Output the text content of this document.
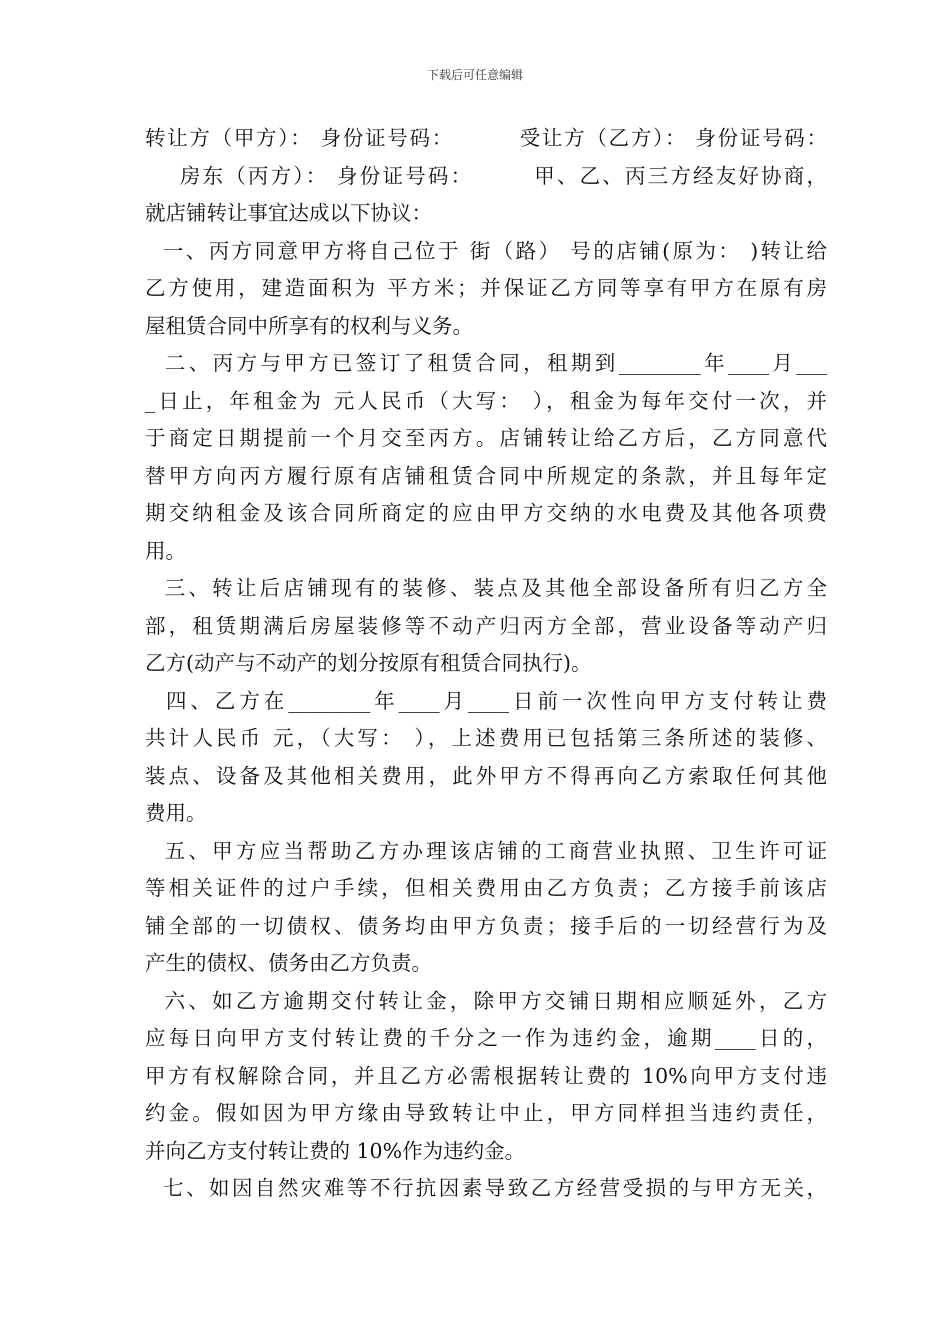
下载后可任意编辑
转让方（甲方）： 身份证号码：        受让方（乙方）： 身份证号码：
房东（丙方）： 身份证号码：       甲、乙、丙三方经友好协商，
就店铺转让事宜达成以下协议：
一、丙方同意甲方将自己位于 街（路） 号的店铺(原为： )转让给
乙方使用，建造面积为 平方米；并保证乙方同等享有甲方在原有房
屋租赁合同中所享有的权利与义务。
二、丙方与甲方已签订了租赁合同，租期到________年____月___
_日止，年租金为 元人民币（大写： ），租金为每年交付一次，并
于商定日期提前一个月交至丙方。店铺转让给乙方后，乙方同意代
替甲方向丙方履行原有店铺租赁合同中所规定的条款，并且每年定
期交纳租金及该合同所商定的应由甲方交纳的水电费及其他各项费
用。
三、转让后店铺现有的装修、装点及其他全部设备所有归乙方全
部，租赁期满后房屋装修等不动产归丙方全部，营业设备等动产归
乙方(动产与不动产的划分按原有租赁合同执行)。
四、乙方在________年____月____日前一次性向甲方支付转让费
共计人民币 元，（大写： ），上述费用已包括第三条所述的装修、
装点、设备及其他相关费用，此外甲方不得再向乙方索取任何其他
费用。
五、甲方应当帮助乙方办理该店铺的工商营业执照、卫生许可证
等相关证件的过户手续，但相关费用由乙方负责；乙方接手前该店
铺全部的一切债权、债务均由甲方负责；接手后的一切经营行为及
产生的债权、债务由乙方负责。
六、如乙方逾期交付转让金，除甲方交铺日期相应顺延外，乙方
应每日向甲方支付转让费的千分之一作为违约金，逾期____日的，
甲方有权解除合同，并且乙方必需根据转让费的 10%向甲方支付违
约金。假如因为甲方缘由导致转让中止，甲方同样担当违约责任，
并向乙方支付转让费的 10%作为违约金。
七、如因自然灾难等不行抗因素导致乙方经营受损的与甲方无关，
